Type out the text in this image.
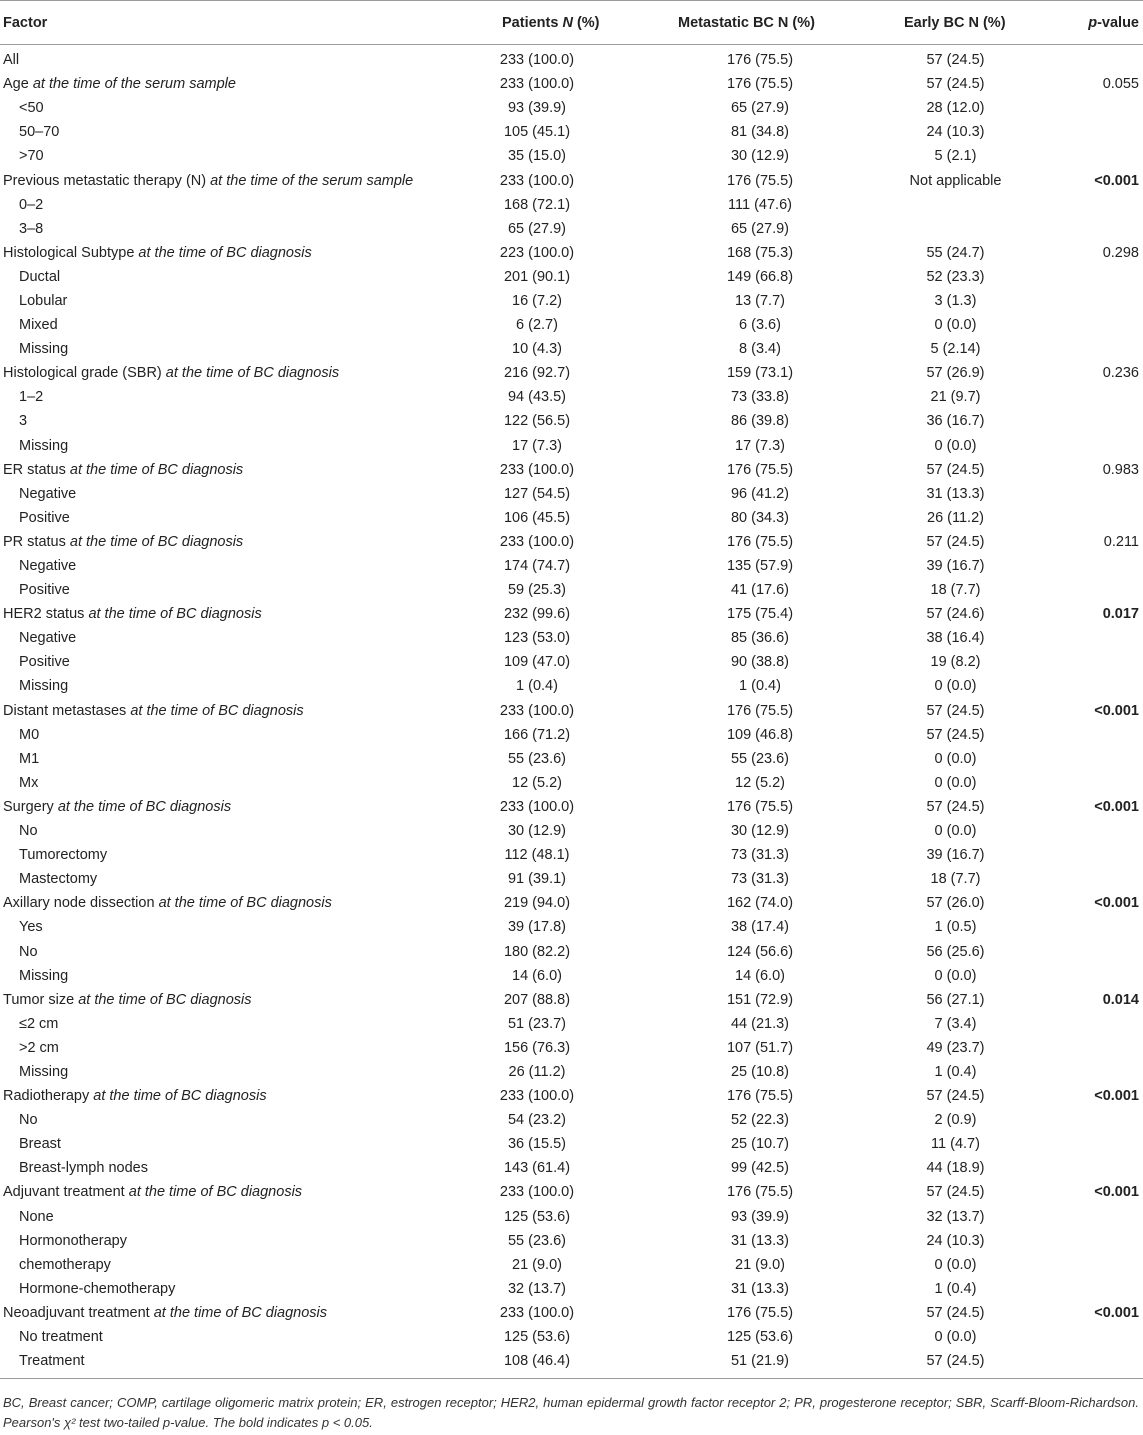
Factor	Patients N (%)	Metastatic BC N (%)	Early BC N (%)	p-value
All	233 (100.0)	176 (75.5)	57 (24.5)	
Age at the time of the serum sample	233 (100.0)	176 (75.5)	57 (24.5)	0.055
<50	93 (39.9)	65 (27.9)	28 (12.0)	
50–70	105 (45.1)	81 (34.8)	24 (10.3)	
>70	35 (15.0)	30 (12.9)	5 (2.1)	
Previous metastatic therapy (N) at the time of the serum sample	233 (100.0)	176 (75.5)	Not applicable	<0.001
0–2	168 (72.1)	111 (47.6)		
3–8	65 (27.9)	65 (27.9)		
Histological Subtype at the time of BC diagnosis	223 (100.0)	168 (75.3)	55 (24.7)	0.298
Ductal	201 (90.1)	149 (66.8)	52 (23.3)	
Lobular	16 (7.2)	13 (7.7)	3 (1.3)	
Mixed	6 (2.7)	6 (3.6)	0 (0.0)	
Missing	10 (4.3)	8 (3.4)	5 (2.14)	
Histological grade (SBR) at the time of BC diagnosis	216 (92.7)	159 (73.1)	57 (26.9)	0.236
1–2	94 (43.5)	73 (33.8)	21 (9.7)	
3	122 (56.5)	86 (39.8)	36 (16.7)	
Missing	17 (7.3)	17 (7.3)	0 (0.0)	
ER status at the time of BC diagnosis	233 (100.0)	176 (75.5)	57 (24.5)	0.983
Negative	127 (54.5)	96 (41.2)	31 (13.3)	
Positive	106 (45.5)	80 (34.3)	26 (11.2)	
PR status at the time of BC diagnosis	233 (100.0)	176 (75.5)	57 (24.5)	0.211
Negative	174 (74.7)	135 (57.9)	39 (16.7)	
Positive	59 (25.3)	41 (17.6)	18 (7.7)	
HER2 status at the time of BC diagnosis	232 (99.6)	175 (75.4)	57 (24.6)	0.017
Negative	123 (53.0)	85 (36.6)	38 (16.4)	
Positive	109 (47.0)	90 (38.8)	19 (8.2)	
Missing	1 (0.4)	1 (0.4)	0 (0.0)	
Distant metastases at the time of BC diagnosis	233 (100.0)	176 (75.5)	57 (24.5)	<0.001
M0	166 (71.2)	109 (46.8)	57 (24.5)	
M1	55 (23.6)	55 (23.6)	0 (0.0)	
Mx	12 (5.2)	12 (5.2)	0 (0.0)	
Surgery at the time of BC diagnosis	233 (100.0)	176 (75.5)	57 (24.5)	<0.001
No	30 (12.9)	30 (12.9)	0 (0.0)	
Tumorectomy	112 (48.1)	73 (31.3)	39 (16.7)	
Mastectomy	91 (39.1)	73 (31.3)	18 (7.7)	
Axillary node dissection at the time of BC diagnosis	219 (94.0)	162 (74.0)	57 (26.0)	<0.001
Yes	39 (17.8)	38 (17.4)	1 (0.5)	
No	180 (82.2)	124 (56.6)	56 (25.6)	
Missing	14 (6.0)	14 (6.0)	0 (0.0)	
Tumor size at the time of BC diagnosis	207 (88.8)	151 (72.9)	56 (27.1)	0.014
≤2 cm	51 (23.7)	44 (21.3)	7 (3.4)	
>2 cm	156 (76.3)	107 (51.7)	49 (23.7)	
Missing	26 (11.2)	25 (10.8)	1 (0.4)	
Radiotherapy at the time of BC diagnosis	233 (100.0)	176 (75.5)	57 (24.5)	<0.001
No	54 (23.2)	52 (22.3)	2 (0.9)	
Breast	36 (15.5)	25 (10.7)	11 (4.7)	
Breast-lymph nodes	143 (61.4)	99 (42.5)	44 (18.9)	
Adjuvant treatment at the time of BC diagnosis	233 (100.0)	176 (75.5)	57 (24.5)	<0.001
None	125 (53.6)	93 (39.9)	32 (13.7)	
Hormonotherapy	55 (23.6)	31 (13.3)	24 (10.3)	
chemotherapy	21 (9.0)	21 (9.0)	0 (0.0)	
Hormone-chemotherapy	32 (13.7)	31 (13.3)	1 (0.4)	
Neoadjuvant treatment at the time of BC diagnosis	233 (100.0)	176 (75.5)	57 (24.5)	<0.001
No treatment	125 (53.6)	125 (53.6)	0 (0.0)	
Treatment	108 (46.4)	51 (21.9)	57 (24.5)	
BC, Breast cancer; COMP, cartilage oligomeric matrix protein; ER, estrogen receptor; HER2, human epidermal growth factor receptor 2; PR, progesterone receptor; SBR, Scarff-Bloom-Richardson. Pearson's χ² test two-tailed p-value. The bold indicates p < 0.05.
